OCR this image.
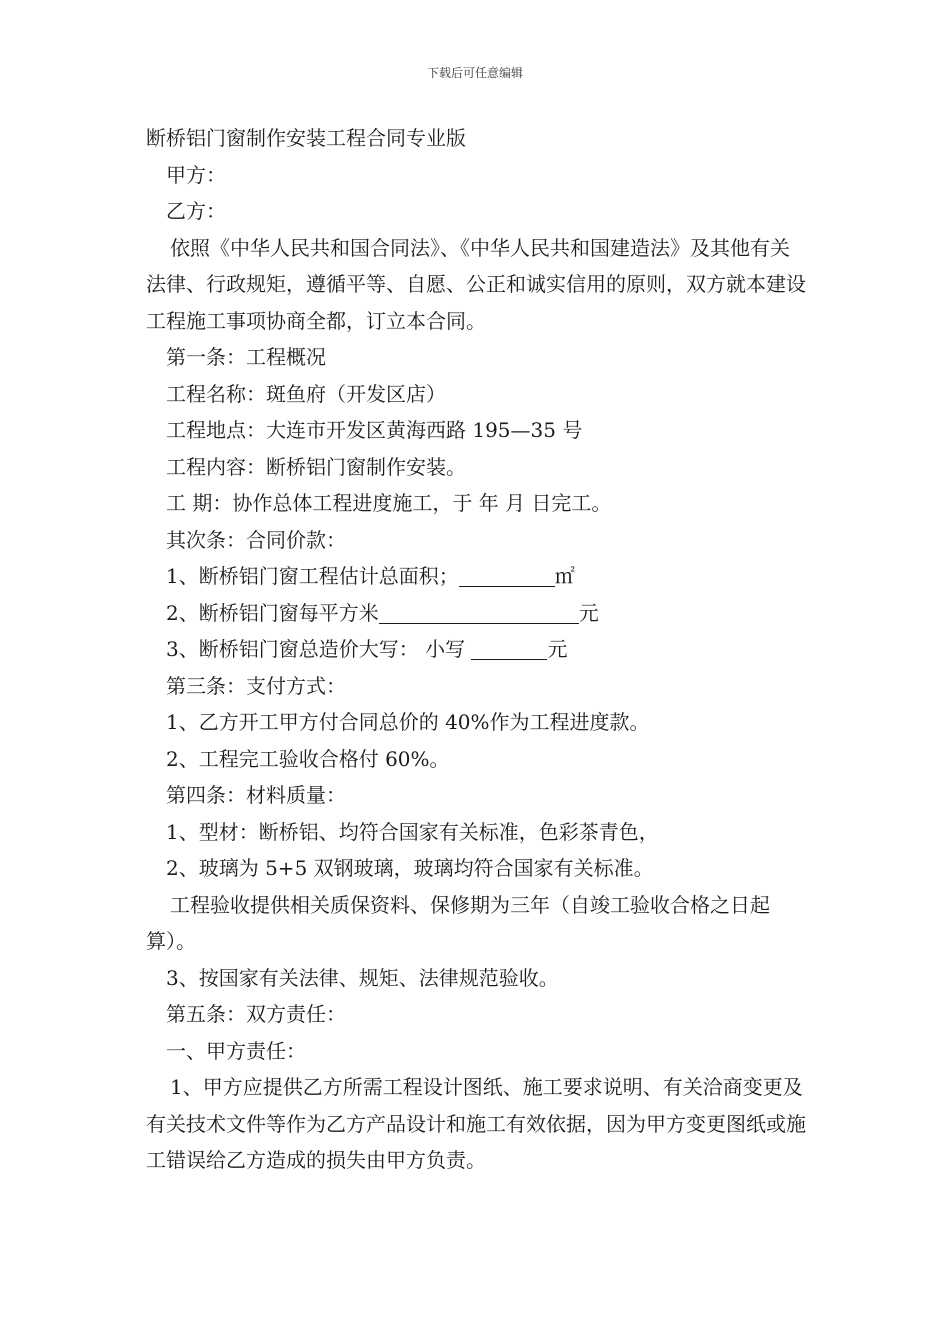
下载后可任意编辑
断桥铝门窗制作安装工程合同专业版
甲方：
乙方：
依照《中华人民共和国合同法》、《中华人民共和国建造法》及其他有关法律、行政规矩，遵循平等、自愿、公正和诚实信用的原则，双方就本建设工程施工事项协商全都，订立本合同。
第一条：工程概况
工程名称：斑鱼府（开发区店）
工程地点：大连市开发区黄海西路 195—35 号
工程内容：断桥铝门窗制作安装。
工 期：协作总体工程进度施工，于 年 月 日完工。
其次条：合同价款：
1、断桥铝门窗工程估计总面积；	㎡
2、断桥铝门窗每平方米	元
3、断桥铝门窗总造价大写： 小写	元
第三条：支付方式：
1、乙方开工甲方付合同总价的 40%作为工程进度款。
2、工程完工验收合格付 60%。
第四条：材料质量：
1、型材：断桥铝、均符合国家有关标准，色彩茶青色，
2、玻璃为 5+5 双钢玻璃，玻璃均符合国家有关标准。
工程验收提供相关质保资料、保修期为三年（自竣工验收合格之日起算）。
3、按国家有关法律、规矩、法律规范验收。
第五条：双方责任：
一、甲方责任：
1、甲方应提供乙方所需工程设计图纸、施工要求说明、有关洽商变更及有关技术文件等作为乙方产品设计和施工有效依据，因为甲方变更图纸或施工错误给乙方造成的损失由甲方负责。
